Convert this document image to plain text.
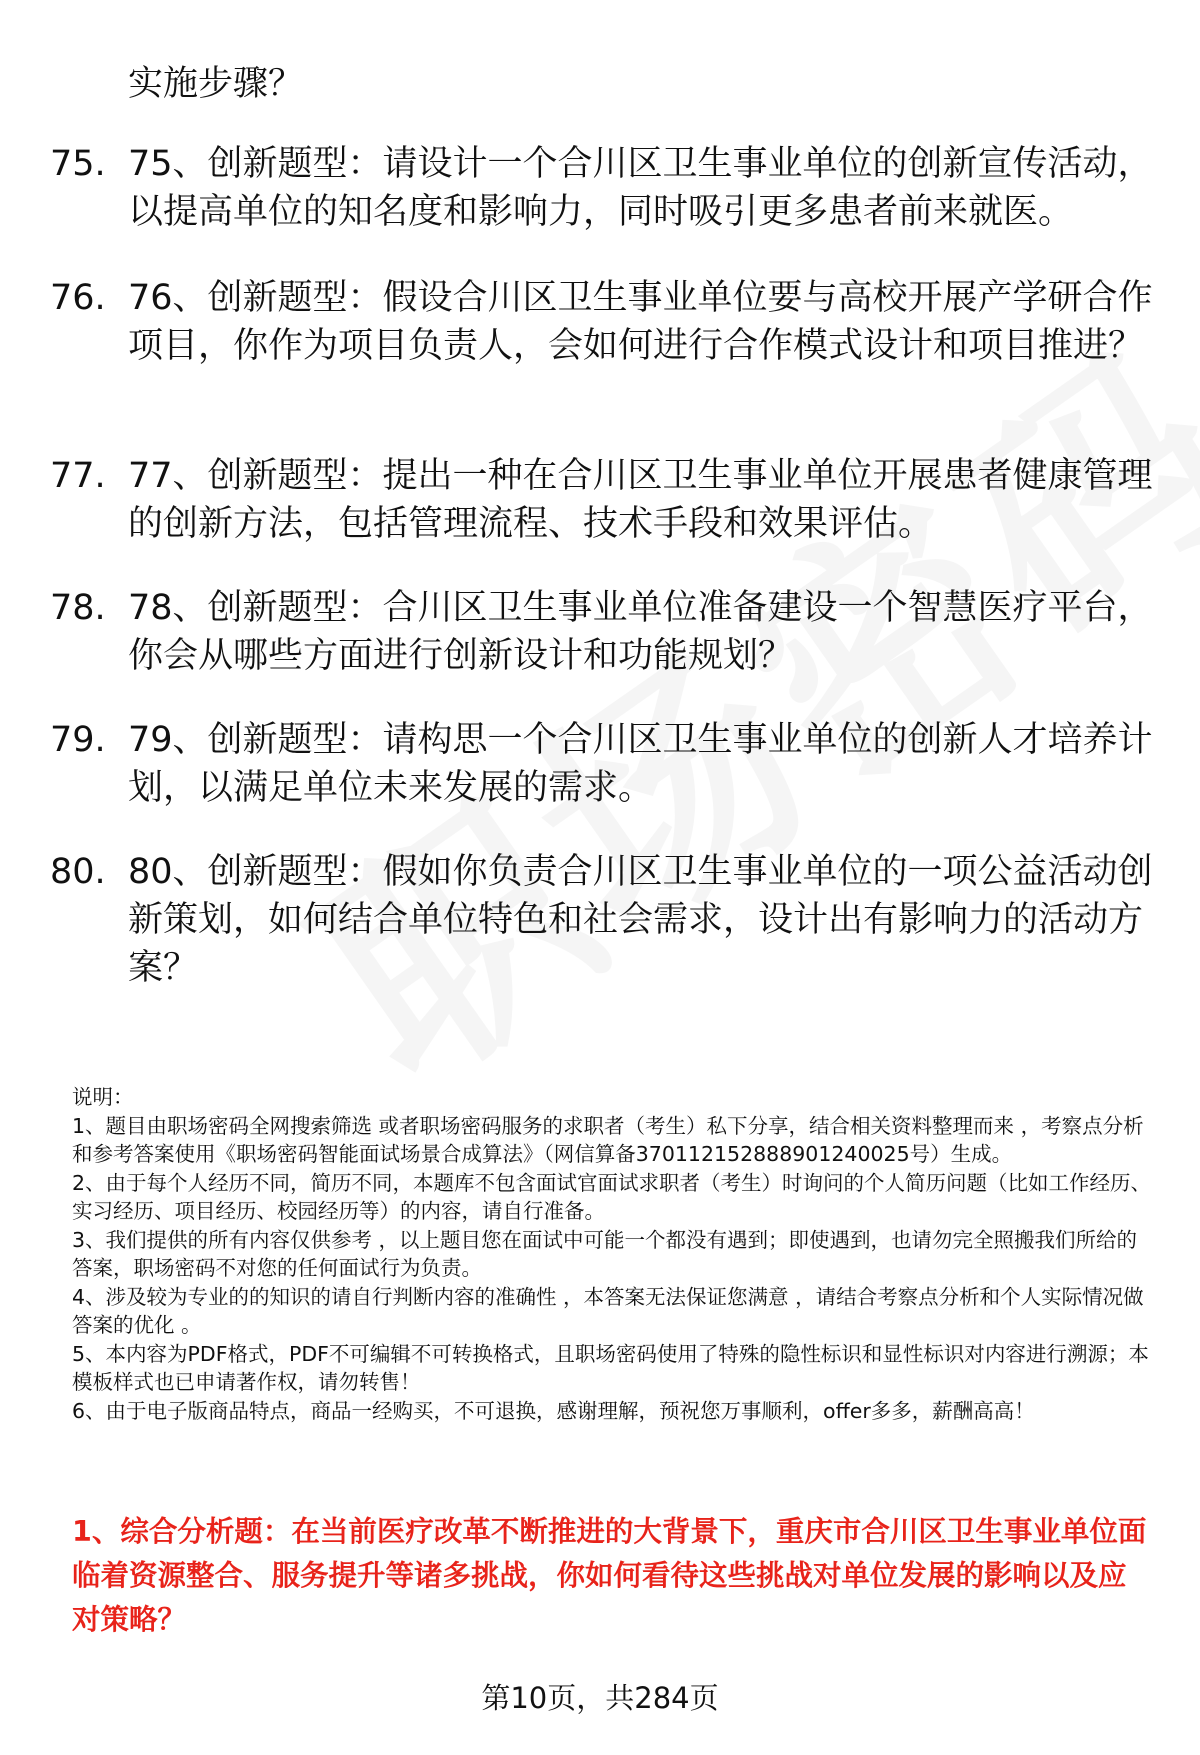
实施步骤？
75. 75、创新题型：请设计一个合川区卫生事业单位的创新宣传活动，以提高单位的知名度和影响力，同时吸引更多患者前来就医。
76. 76、创新题型：假设合川区卫生事业单位要与高校开展产学研合作项目，你作为项目负责人，会如何进行合作模式设计和项目推进？
77. 77、创新题型：提出一种在合川区卫生事业单位开展患者健康管理的创新方法，包括管理流程、技术手段和效果评估。
78. 78、创新题型：合川区卫生事业单位准备建设一个智慧医疗平台，你会从哪些方面进行创新设计和功能规划？
79. 79、创新题型：请构思一个合川区卫生事业单位的创新人才培养计划，以满足单位未来发展的需求。
80. 80、创新题型：假如你负责合川区卫生事业单位的一项公益活动创新策划，如何结合单位特色和社会需求，设计出有影响力的活动方案？
说明：
1、题目由职场密码全网搜索筛选 或者职场密码服务的求职者（考生）私下分享，结合相关资料整理而来 ，考察点分析和参考答案使用《职场密码智能面试场景合成算法》（网信算备370112152888901240025号）生成。
2、由于每个人经历不同，简历不同，本题库不包含面试官面试求职者（考生）时询问的个人简历问题（比如工作经历、实习经历、项目经历、校园经历等）的内容，请自行准备。
3、我们提供的所有内容仅供参考 ，以上题目您在面试中可能一个都没有遇到；即使遇到，也请勿完全照搬我们所给的答案，职场密码不对您的任何面试行为负责。
4、涉及较为专业的的知识的请自行判断内容的准确性 ，本答案无法保证您满意 ，请结合考察点分析和个人实际情况做答案的优化 。
5、本内容为PDF格式，PDF不可编辑不可转换格式，且职场密码使用了特殊的隐性标识和显性标识对内容进行溯源；本模板样式也已申请著作权，请勿转售！
6、由于电子版商品特点，商品一经购买，不可退换，感谢理解，预祝您万事顺利，offer多多，薪酬高高！
1、综合分析题：在当前医疗改革不断推进的大背景下，重庆市合川区卫生事业单位面临着资源整合、服务提升等诸多挑战，你如何看待这些挑战对单位发展的影响以及应对策略？
第10页，共284页
